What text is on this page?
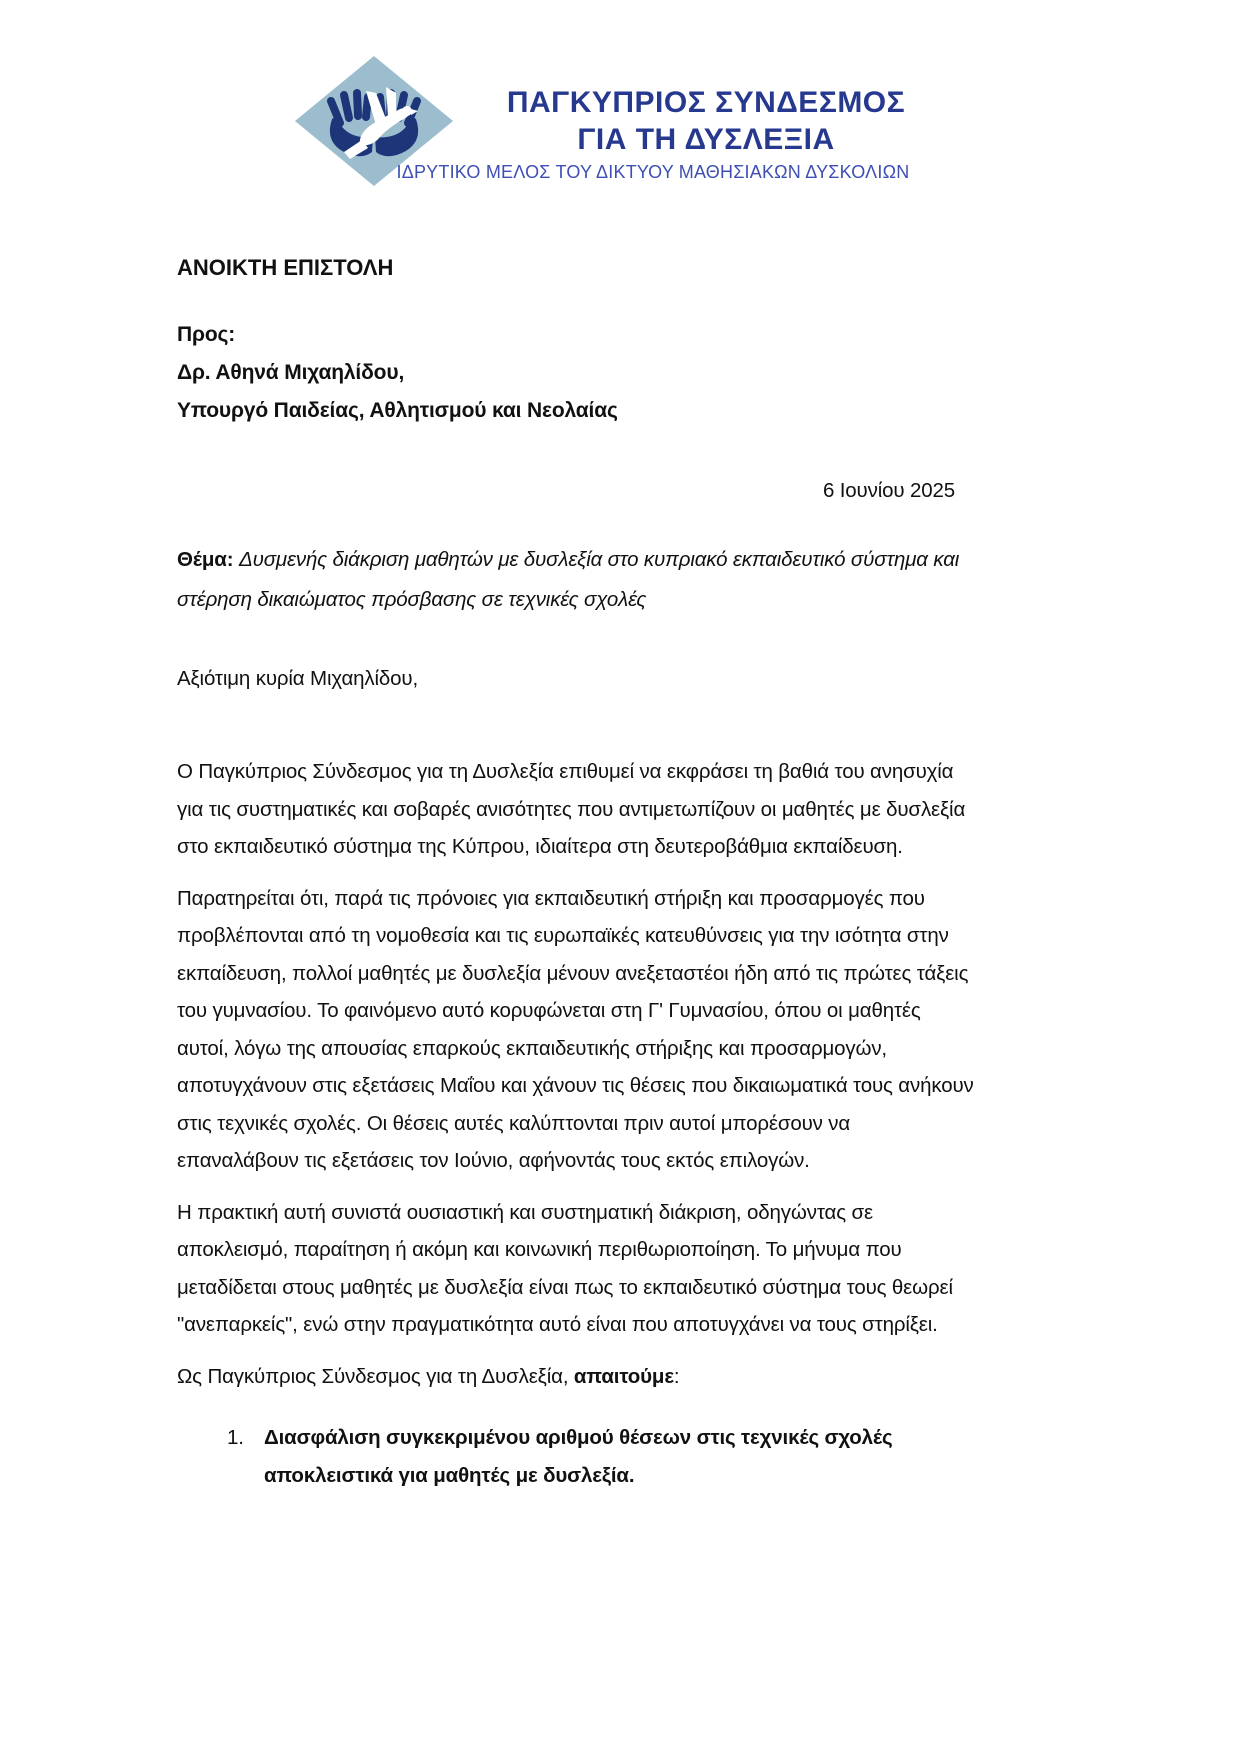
ΠΑΓΚΥΠΡΙΟΣ ΣΥΝΔΕΣΜΟΣ
ΓΙΑ ΤΗ ΔΥΣΛΕΞΙΑ
ΙΔΡΥΤΙΚΟ ΜΕΛΟΣ ΤΟΥ ΔΙΚΤΥΟΥ ΜΑΘΗΣΙΑΚΩΝ ΔΥΣΚΟΛΙΩΝ
ΑΝΟΙΚΤΗ ΕΠΙΣΤΟΛΗ
Προς:
Δρ. Αθηνά Μιχαηλίδου,
Υπουργό Παιδείας, Αθλητισμού και Νεολαίας
6 Ιουνίου 2025
Θέμα: Δυσμενής διάκριση μαθητών με δυσλεξία στο κυπριακό εκπαιδευτικό σύστημα και στέρηση δικαιώματος πρόσβασης σε τεχνικές σχολές
Αξιότιμη κυρία Μιχαηλίδου,

Ο Παγκύπριος Σύνδεσμος για τη Δυσλεξία επιθυμεί να εκφράσει τη βαθιά του ανησυχία για τις συστηματικές και σοβαρές ανισότητες που αντιμετωπίζουν οι μαθητές με δυσλεξία στο εκπαιδευτικό σύστημα της Κύπρου, ιδιαίτερα στη δευτεροβάθμια εκπαίδευση.

Παρατηρείται ότι, παρά τις πρόνοιες για εκπαιδευτική στήριξη και προσαρμογές που προβλέπονται από τη νομοθεσία και τις ευρωπαϊκές κατευθύνσεις για την ισότητα στην εκπαίδευση, πολλοί μαθητές με δυσλεξία μένουν ανεξεταστέοι ήδη από τις πρώτες τάξεις του γυμνασίου. Το φαινόμενο αυτό κορυφώνεται στη Γ' Γυμνασίου, όπου οι μαθητές αυτοί, λόγω της απουσίας επαρκούς εκπαιδευτικής στήριξης και προσαρμογών, αποτυγχάνουν στις εξετάσεις Μαΐου και χάνουν τις θέσεις που δικαιωματικά τους ανήκουν στις τεχνικές σχολές. Οι θέσεις αυτές καλύπτονται πριν αυτοί μπορέσουν να επαναλάβουν τις εξετάσεις τον Ιούνιο, αφήνοντάς τους εκτός επιλογών.

Η πρακτική αυτή συνιστά ουσιαστική και συστηματική διάκριση, οδηγώντας σε αποκλεισμό, παραίτηση ή ακόμη και κοινωνική περιθωριοποίηση. Το μήνυμα που μεταδίδεται στους μαθητές με δυσλεξία είναι πως το εκπαιδευτικό σύστημα τους θεωρεί "ανεπαρκείς", ενώ στην πραγματικότητα αυτό είναι που αποτυγχάνει να τους στηρίξει.

Ως Παγκύπριος Σύνδεσμος για τη Δυσλεξία, απαιτούμε:
1. Διασφάλιση συγκεκριμένου αριθμού θέσεων στις τεχνικές σχολές αποκλειστικά για μαθητές με δυσλεξία.
